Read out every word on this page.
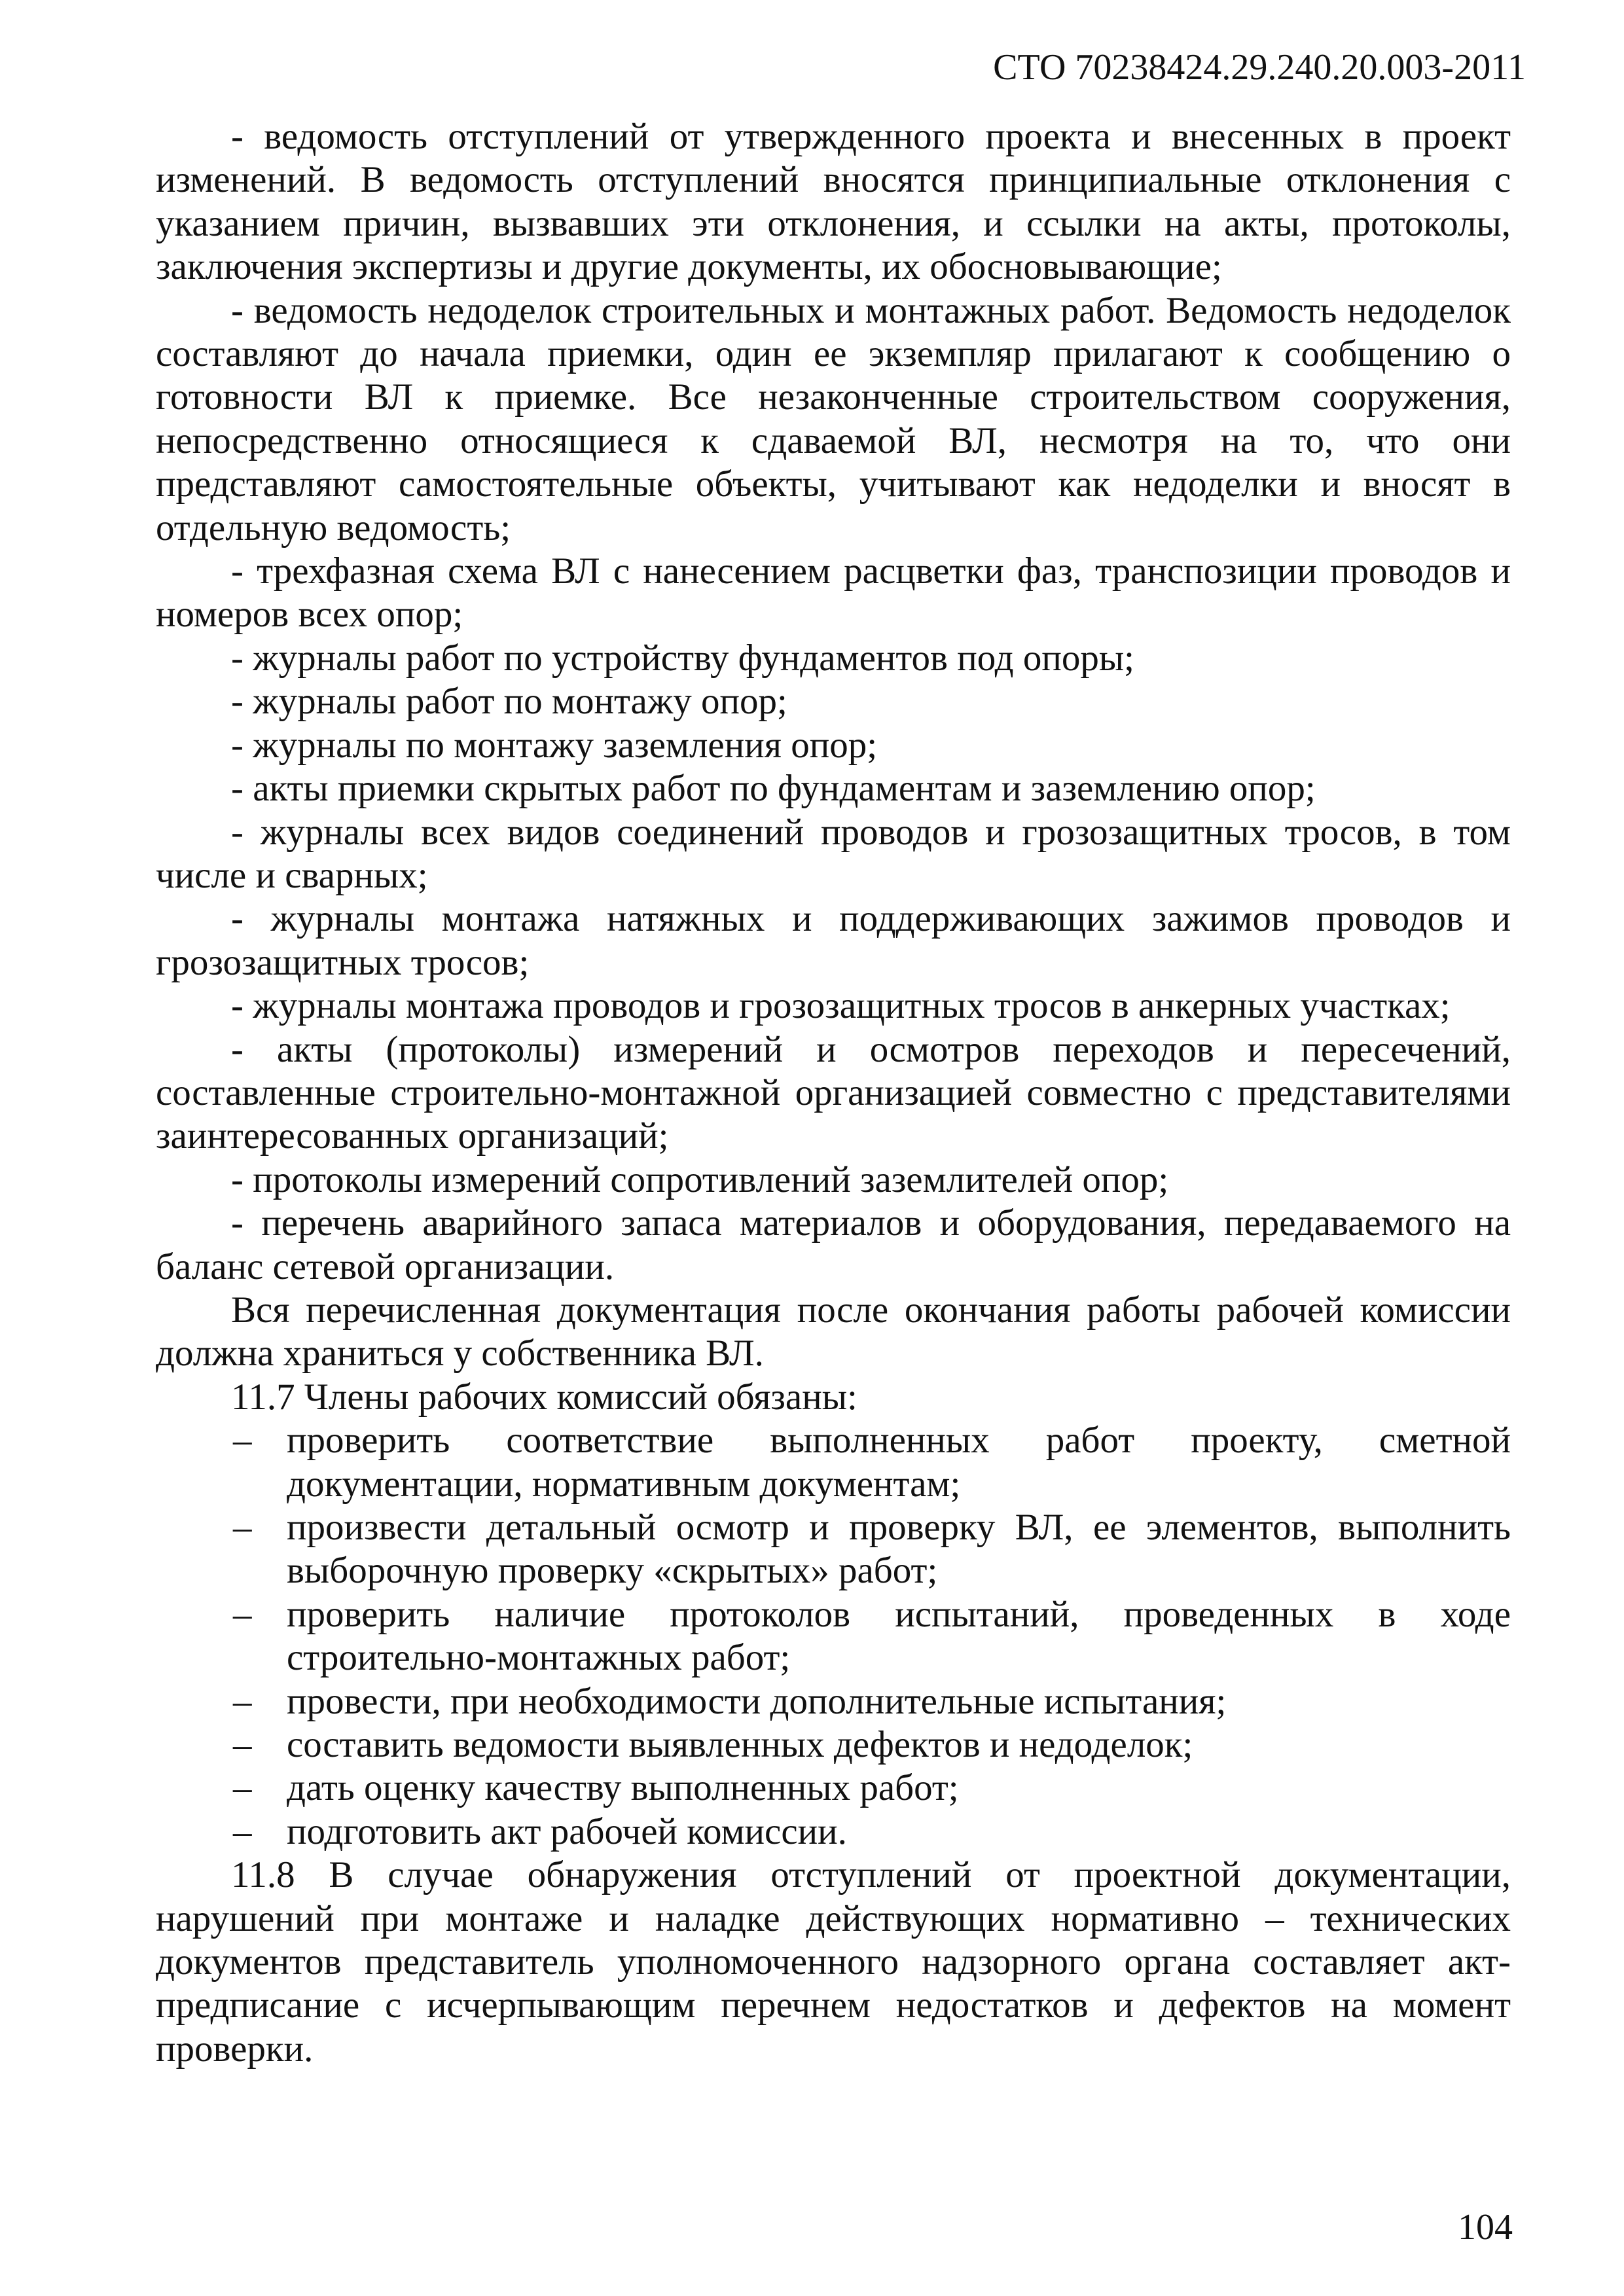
СТО 70238424.29.240.20.003-2011

- ведомость отступлений от утвержденного проекта и внесенных в проект изменений. В ведомость отступлений вносятся принципиальные отклонения с указанием причин, вызвавших эти отклонения, и ссылки на акты, протоколы, заключения экспертизы и другие документы, их обосновывающие;

- ведомость недоделок строительных и монтажных работ. Ведомость недоделок составляют до начала приемки, один ее экземпляр прилагают к сообщению о готовности ВЛ к приемке. Все незаконченные строительством сооружения, непосредственно относящиеся к сдаваемой ВЛ, несмотря на то, что они представляют самостоятельные объекты, учитывают как недоделки и вносят в отдельную ведомость;

- трехфазная схема ВЛ с нанесением расцветки фаз, транспозиции проводов и номеров всех опор;

- журналы работ по устройству фундаментов под опоры;

- журналы работ по монтажу опор;

- журналы по монтажу заземления опор;

- акты приемки скрытых работ по фундаментам и заземлению опор;

- журналы всех видов соединений проводов и грозозащитных тросов, в том числе и сварных;

- журналы монтажа натяжных и поддерживающих зажимов проводов и грозозащитных тросов;

- журналы монтажа проводов и грозозащитных тросов в анкерных участках;

- акты (протоколы) измерений и осмотров переходов и пересечений, составленные строительно-монтажной организацией совместно с представителями заинтересованных организаций;

- протоколы измерений сопротивлений заземлителей опор;

- перечень аварийного запаса материалов и оборудования, передаваемого на баланс сетевой организации.

Вся перечисленная документация после окончания работы рабочей комиссии должна храниться у собственника ВЛ.

11.7 Члены рабочих комиссий обязаны:

– проверить соответствие выполненных работ проекту, сметной документации, нормативным документам;
– произвести детальный осмотр и проверку ВЛ, ее элементов, выполнить выборочную проверку «скрытых» работ;
– проверить наличие протоколов испытаний, проведенных в ходе строительно-монтажных работ;
– провести, при необходимости дополнительные испытания;
– составить ведомости выявленных дефектов и недоделок;
– дать оценку качеству выполненных работ;
– подготовить акт рабочей комиссии.

11.8 В случае обнаружения отступлений от проектной документации, нарушений при монтаже и наладке действующих нормативно – технических документов представитель уполномоченного надзорного органа составляет акт-предписание с исчерпывающим перечнем недостатков и дефектов на момент проверки.

104
